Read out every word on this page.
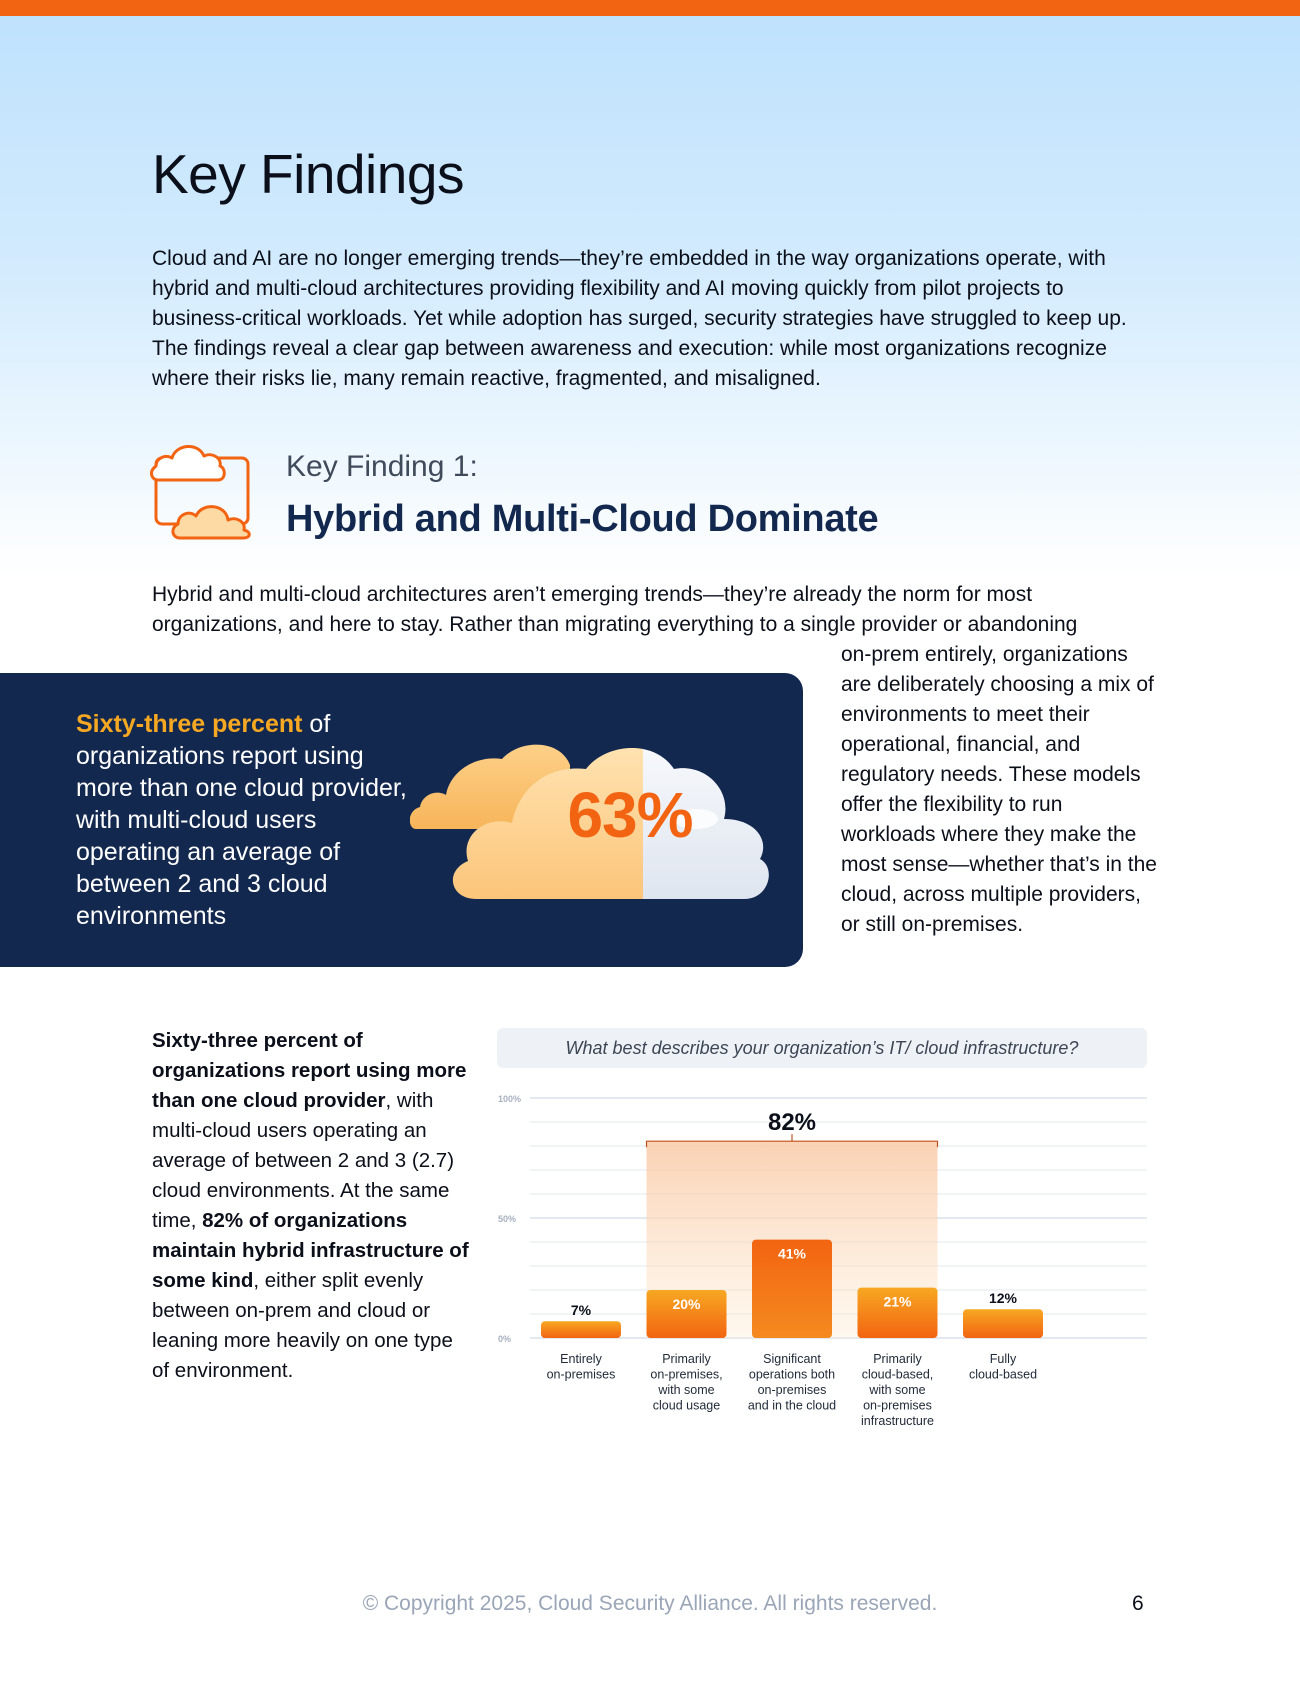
Key Findings

Cloud and AI are no longer emerging trends—they’re embedded in the way organizations operate, with hybrid and multi-cloud architectures providing flexibility and AI moving quickly from pilot projects to business-critical workloads. Yet while adoption has surged, security strategies have struggled to keep up. The findings reveal a clear gap between awareness and execution: while most organizations recognize where their risks lie, many remain reactive, fragmented, and misaligned.

Key Finding 1:
Hybrid and Multi-Cloud Dominate

Hybrid and multi-cloud architectures aren’t emerging trends—they’re already the norm for most organizations, and here to stay. Rather than migrating everything to a single provider or abandoning

on-prem entirely, organizations are deliberately choosing a mix of environments to meet their operational, financial, and regulatory needs. These models offer the flexibility to run workloads where they make the most sense—whether that’s in the cloud, across multiple providers, or still on-premises.

Sixty-three percent of organizations report using more than one cloud provider, with multi-cloud users operating an average of between 2 and 3 cloud environments

63%

Sixty-three percent of organizations report using more than one cloud provider, with multi-cloud users operating an average of between 2 and 3 (2.7) cloud environments. At the same time, 82% of organizations maintain hybrid infrastructure of some kind, either split evenly between on-prem and cloud or leaning more heavily on one type of environment.

What best describes your organization’s IT/ cloud infrastructure?
100%
50%
0%
82%
7%
Entirely
on-premises
20%
Primarily
on-premises,
with some
cloud usage
41%
Significant
operations both
on-premises
and in the cloud
21%
Primarily
cloud-based,
with some
on-premises
infrastructure
12%
Fully
cloud-based
© Copyright 2025, Cloud Security Alliance. All rights reserved.	6
